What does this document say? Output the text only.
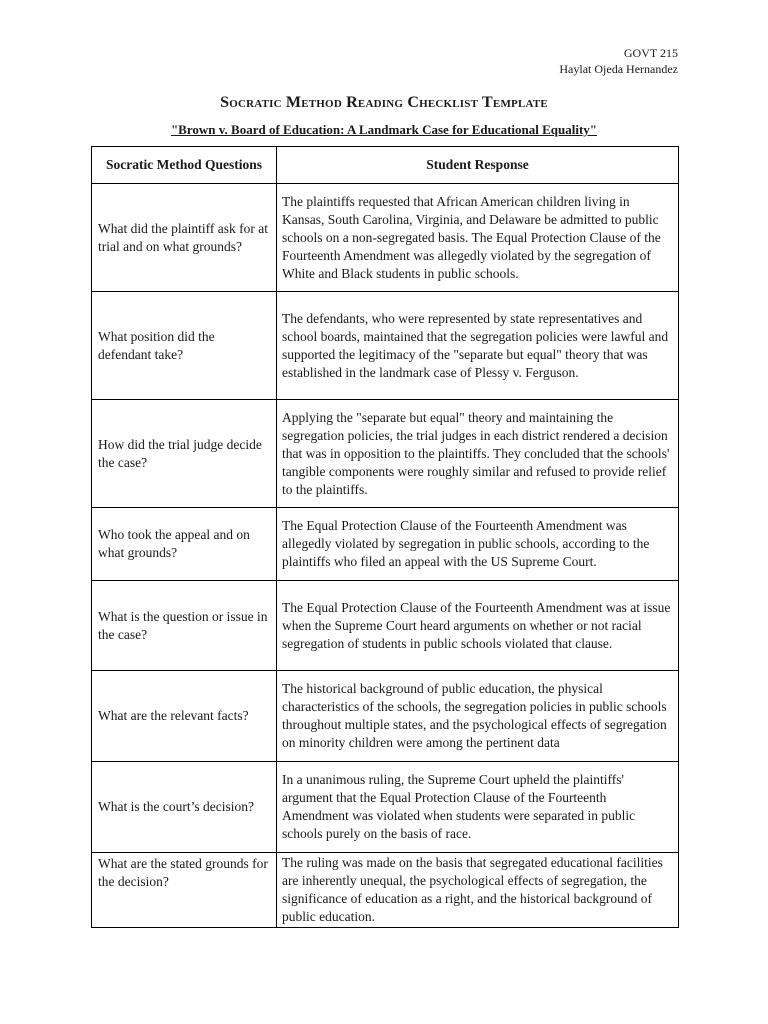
GOVT 215
Haylat Ojeda Hernandez
Socratic Method Reading Checklist Template
"Brown v. Board of Education: A Landmark Case for Educational Equality"
Socratic Method Questions	Student Response
What did the plaintiff ask for at trial and on what grounds?	The plaintiffs requested that African American children living in Kansas, South Carolina, Virginia, and Delaware be admitted to public schools on a non-segregated basis. The Equal Protection Clause of the Fourteenth Amendment was allegedly violated by the segregation of White and Black students in public schools.
What position did the defendant take?	The defendants, who were represented by state representatives and school boards, maintained that the segregation policies were lawful and supported the legitimacy of the "separate but equal" theory that was established in the landmark case of Plessy v. Ferguson.
How did the trial judge decide the case?	Applying the "separate but equal" theory and maintaining the segregation policies, the trial judges in each district rendered a decision that was in opposition to the plaintiffs. They concluded that the schools' tangible components were roughly similar and refused to provide relief to the plaintiffs.
Who took the appeal and on what grounds?	The Equal Protection Clause of the Fourteenth Amendment was allegedly violated by segregation in public schools, according to the plaintiffs who filed an appeal with the US Supreme Court.
What is the question or issue in the case?	The Equal Protection Clause of the Fourteenth Amendment was at issue when the Supreme Court heard arguments on whether or not racial segregation of students in public schools violated that clause.
What are the relevant facts?	The historical background of public education, the physical characteristics of the schools, the segregation policies in public schools throughout multiple states, and the psychological effects of segregation on minority children were among the pertinent data
What is the court’s decision?	In a unanimous ruling, the Supreme Court upheld the plaintiffs' argument that the Equal Protection Clause of the Fourteenth Amendment was violated when students were separated in public schools purely on the basis of race.
What are the stated grounds for the decision?	The ruling was made on the basis that segregated educational facilities are inherently unequal, the psychological effects of segregation, the significance of education as a right, and the historical background of public education.
